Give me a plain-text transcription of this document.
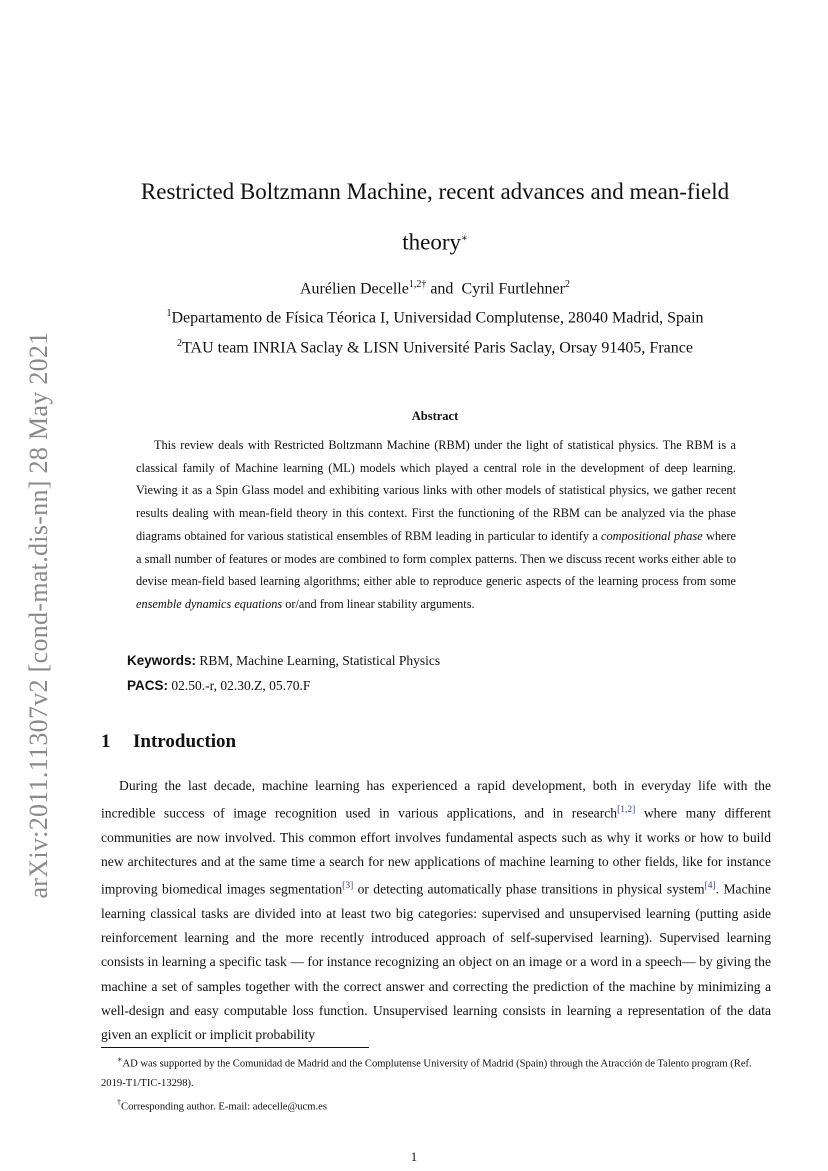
arXiv:2011.11307v2 [cond-mat.dis-nn] 28 May 2021
Restricted Boltzmann Machine, recent advances and mean-field
theory∗
Aurélien Decelle$^{1,2\dagger}$ and  Cyril Furtlehner$^2$
$^1$Departamento de Física Téorica I, Universidad Complutense, 28040 Madrid, Spain
$^2$TAU team INRIA Saclay & LISN Université Paris Saclay, Orsay 91405, France
Abstract

This review deals with Restricted Boltzmann Machine (RBM) under the light of statistical physics. The RBM is a classical family of Machine learning (ML) models which played a central role in the development of deep learning. Viewing it as a Spin Glass model and exhibiting various links with other models of statistical physics, we gather recent results dealing with mean-field theory in this context. First the functioning of the RBM can be analyzed via the phase diagrams obtained for various statistical ensembles of RBM leading in particular to identify a compositional phase where a small number of features or modes are combined to form complex patterns. Then we discuss recent works either able to devise mean-field based learning algorithms; either able to reproduce generic aspects of the learning process from some ensemble dynamics equations or/and from linear stability arguments.

Keywords: RBM, Machine Learning, Statistical Physics
PACS: 02.50.-r, 02.30.Z, 05.70.F
1 Introduction

During the last decade, machine learning has experienced a rapid development, both in everyday life with the incredible success of image recognition used in various applications, and in research[1,2] where many different communities are now involved. This common effort involves fundamental aspects such as why it works or how to build new architectures and at the same time a search for new applications of machine learning to other fields, like for instance improving biomedical images segmentation[3] or detecting automatically phase transitions in physical system[4]. Machine learning classical tasks are divided into at least two big categories: supervised and unsupervised learning (putting aside reinforcement learning and the more recently introduced approach of self-supervised learning). Supervised learning consists in learning a specific task — for instance recognizing an object on an image or a word in a speech— by giving the machine a set of samples together with the correct answer and correcting the prediction of the machine by minimizing a well-design and easy computable loss function. Unsupervised learning consists in learning a representation of the data given an explicit or implicit probability

∗AD was supported by the Comunidad de Madrid and the Complutense University of Madrid (Spain) through the Atracción de Talento program (Ref. 2019-T1/TIC-13298).

†Corresponding author. E-mail: adecelle@ucm.es

1
